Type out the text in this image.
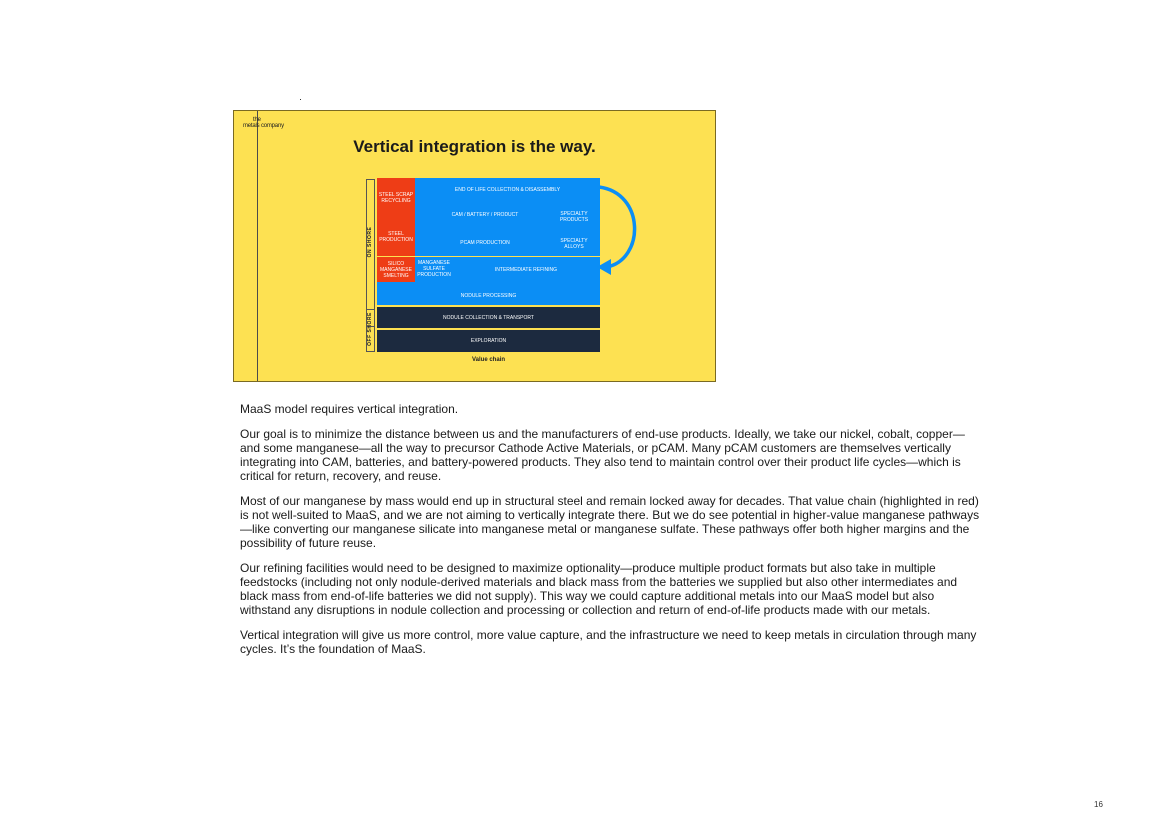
the
metals company
Vertical integration is the way.
ON SHORE
OFF SHORE
STEEL SCRAP RECYCLING
STEEL PRODUCTION
END OF LIFE COLLECTION & DISASSEMBLY
CAM / BATTERY / PRODUCT	SPECIALTY PRODUCTS
PCAM PRODUCTION	SPECIALTY ALLOYS
SILICO MANGANESE SMELTING
MANGANESE SULFATE PRODUCTION
INTERMEDIATE REFINING
NODULE PROCESSING
NODULE COLLECTION & TRANSPORT
EXPLORATION
Value chain

MaaS model requires vertical integration.

Our goal is to minimize the distance between us and the manufacturers of end-use products. Ideally, we take our nickel, cobalt, copper—and some manganese—all the way to precursor Cathode Active Materials, or pCAM. Many pCAM customers are themselves vertically integrating into CAM, batteries, and battery-powered products. They also tend to maintain control over their product life cycles—which is critical for return, recovery, and reuse.

Most of our manganese by mass would end up in structural steel and remain locked away for decades. That value chain (highlighted in red) is not well-suited to MaaS, and we are not aiming to vertically integrate there. But we do see potential in higher-value manganese pathways—like converting our manganese silicate into manganese metal or manganese sulfate. These pathways offer both higher margins and the possibility of future reuse.

Our refining facilities would need to be designed to maximize optionality—produce multiple product formats but also take in multiple feedstocks (including not only nodule-derived materials and black mass from the batteries we supplied but also other intermediates and black mass from end-of-life batteries we did not supply). This way we could capture additional metals into our MaaS model but also withstand any disruptions in nodule collection and processing or collection and return of end-of-life products made with our metals.

Vertical integration will give us more control, more value capture, and the infrastructure we need to keep metals in circulation through many cycles. It’s the foundation of MaaS.

16
